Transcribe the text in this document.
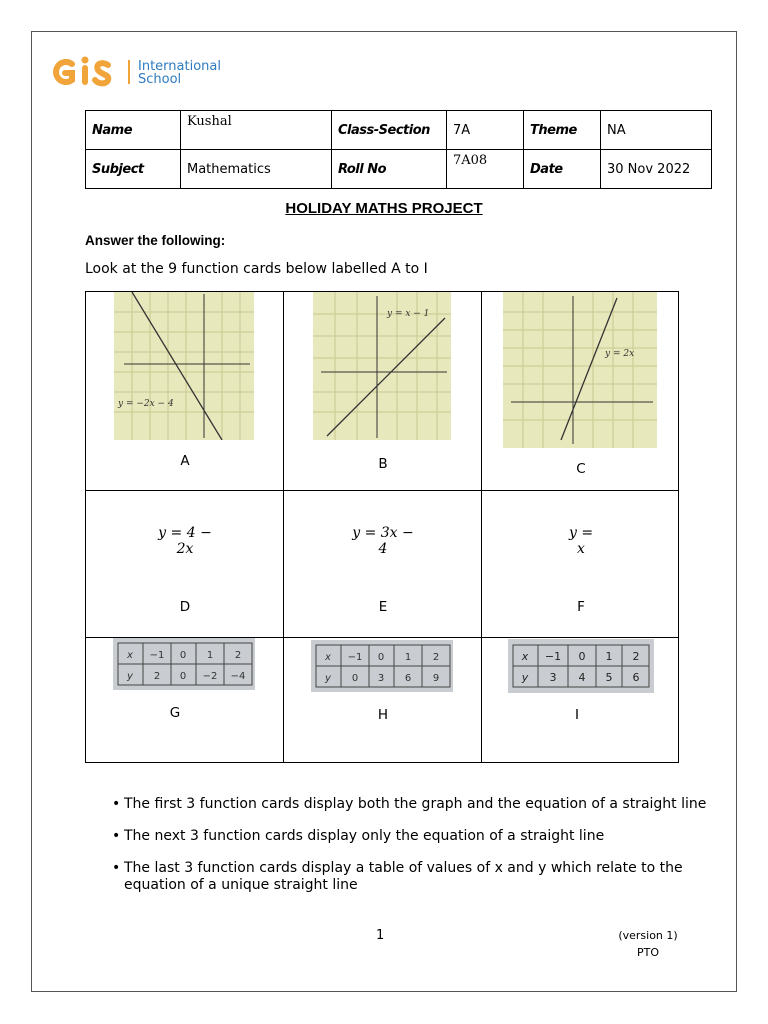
International
School
Name	Kushal	Class-Section	7A	Theme	NA
Subject	Mathematics	Roll No	7A08	Date	30 Nov 2022
HOLIDAY MATHS PROJECT
Answer the following:
Look at the 9 function cards below labelled A to I
y = −2x − 4
A
y = x − 1
B
y = 2x
C
y = 4 −
2x
D
y = 3x −
4
E
y =
x
F
x −1 0 1 2
y 2 0 −2 −4
G
x −1 0 1 2
y 0 3 6 9
H
x −1 0 1 2
y 3 4 5 6
I
• The first 3 function cards display both the graph and the equation of a straight line
• The next 3 function cards display only the equation of a straight line
• The last 3 function cards display a table of values of x and y which relate to the equation of a unique straight line
1	(version 1)
PTO
